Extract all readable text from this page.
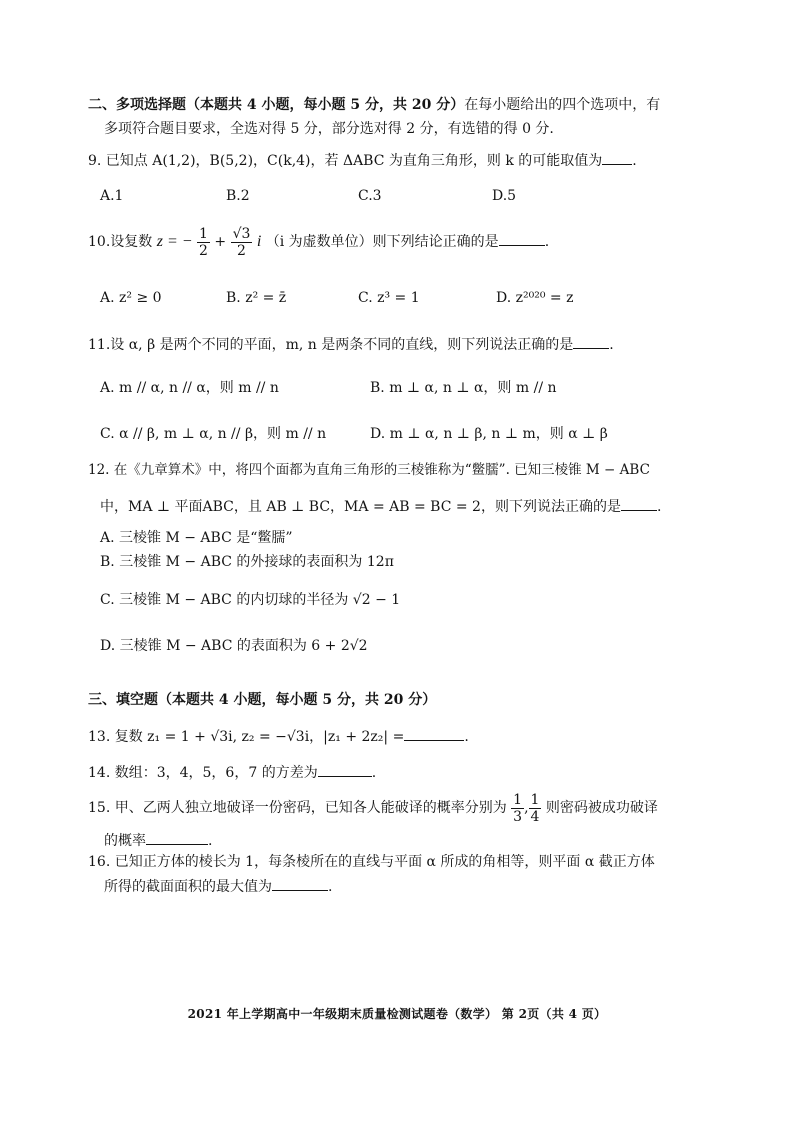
二、多项选择题（本题共 4 小题，每小题 5 分，共 20 分）在每小题给出的四个选项中，有
多项符合题目要求，全选对得 5 分，部分选对得 2 分，有选错的得 0 分.
9. 已知点 A(1,2)，B(5,2)，C(k,4)，若 ΔABC 为直角三角形，则 k 的可能取值为 .
A.1	B.2	C.3	D.5
10.设复数 z = − $\frac{1}{2} + \frac{√3}{2}$ i （i 为虚数单位）则下列结论正确的是	.
A. z² ≥ 0	B. z² = z̄	C. z³ = 1	D. z²⁰²⁰ = z
11.设 α, β 是两个不同的平面，m, n 是两条不同的直线，则下列说法正确的是	.
A. m // α, n // α，则 m // n	B. m ⊥ α, n ⊥ α，则 m // n
C. α // β, m ⊥ α, n // β，则 m // n	D. m ⊥ α, n ⊥ β, n ⊥ m，则 α ⊥ β
12. 在《九章算术》中，将四个面都为直角三角形的三棱锥称为“鳖臑”. 已知三棱锥 M − ABC
中，MA ⊥ 平面ABC，且 AB ⊥ BC，MA = AB = BC = 2，则下列说法正确的是	.
A. 三棱锥 M − ABC 是“鳖臑”
B. 三棱锥 M − ABC 的外接球的表面积为 12π
C. 三棱锥 M − ABC 的内切球的半径为 √2 − 1
D. 三棱锥 M − ABC 的表面积为 6 + 2√2
三、填空题（本题共 4 小题，每小题 5 分，共 20 分）
13. 复数 z₁ = 1 + √3i, z₂ = −√3i，|z₁ + 2z₂| =	.
14. 数组：3，4，5，6，7 的方差为	.
15. 甲、乙两人独立地破译一份密码，已知各人能破译的概率分别为 $\frac{1}{3}$ , $\frac{1}{4}$ 则密码被成功破译
的概率	.
16. 已知正方体的棱长为 1，每条棱所在的直线与平面 α 所成的角相等，则平面 α 截正方体
所得的截面面积的最大值为	.
2021 年上学期高中一年级期末质量检测试题卷（数学） 第 2页（共 4 页）
